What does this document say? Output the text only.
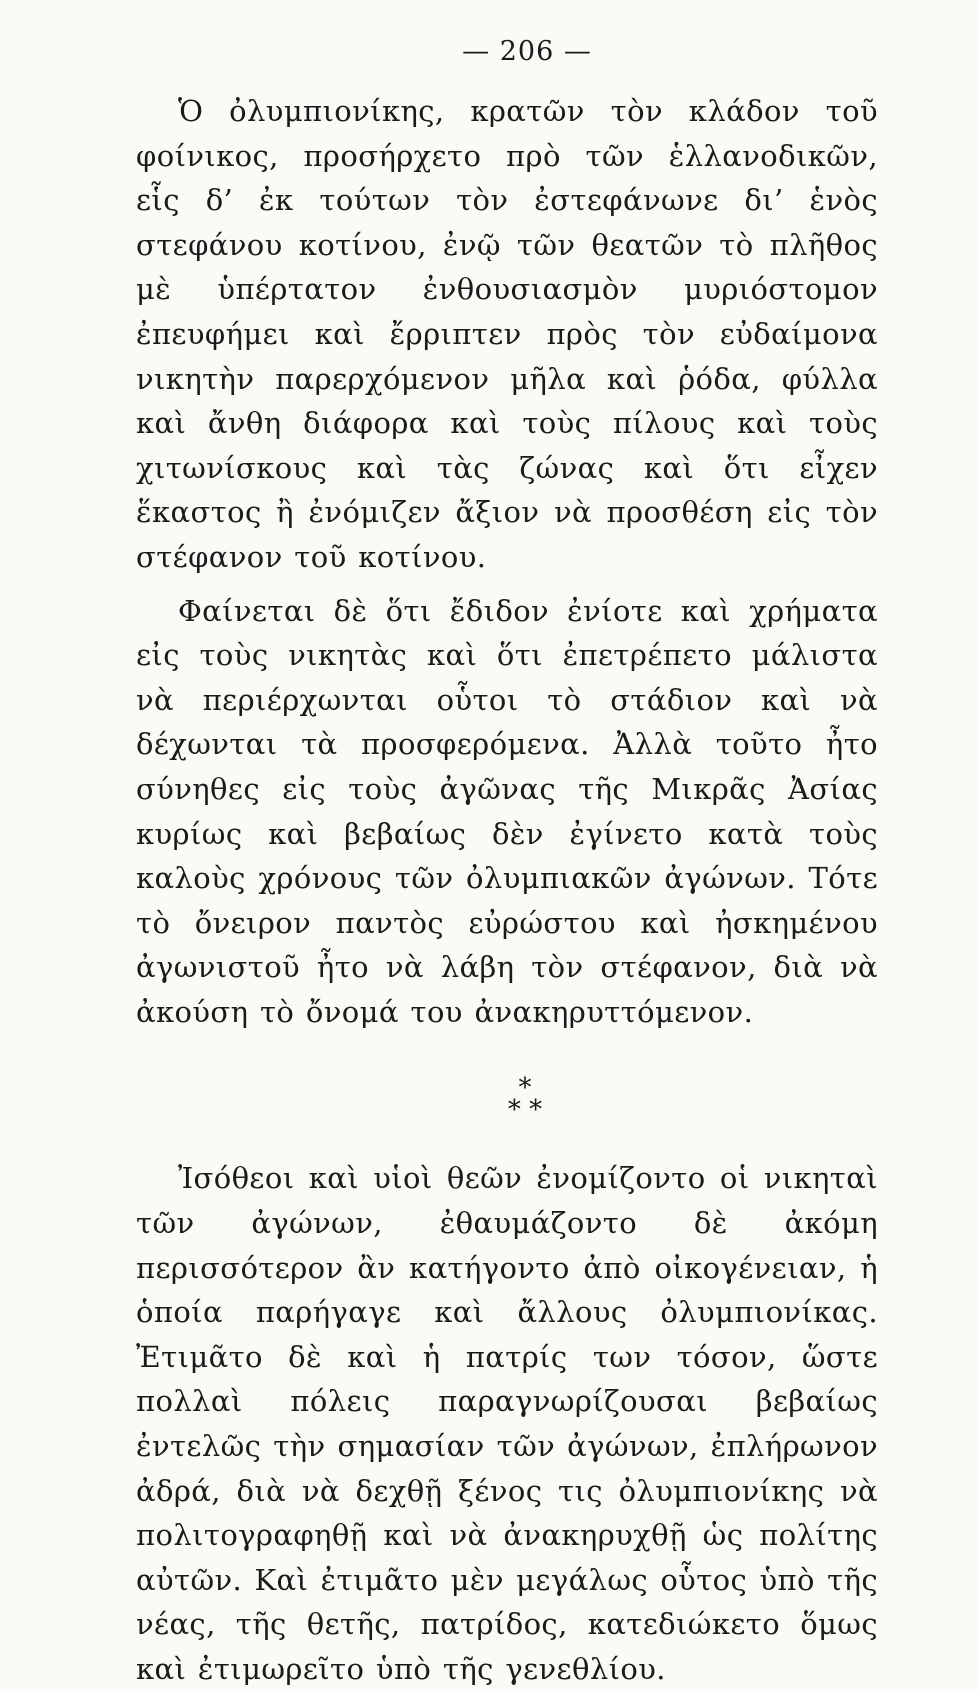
— 206 —

Ὁ ὀλυμπιονίκης, κρατῶν τὸν κλάδον τοῦ φοίνικος, προσήρχετο πρὸ τῶν ἑλλανοδικῶν, εἷς δ’ ἐκ τούτων τὸν ἐστεφάνωνε δι’ ἑνὸς στεφάνου κοτίνου, ἐνῷ τῶν θεατῶν τὸ πλῆθος μὲ ὑπέρτατον ἐνθουσιασμὸν μυριόστομον ἐπευφήμει καὶ ἔρριπτεν πρὸς τὸν εὐδαίμονα νικητὴν παρερχόμενον μῆλα καὶ ῥόδα, φύλλα καὶ ἄνθη διάφορα καὶ τοὺς πίλους καὶ τοὺς χιτωνίσκους καὶ τὰς ζώνας καὶ ὅτι εἶχεν ἕκαστος ἢ ἐνόμιζεν ἄξιον νὰ προσθέση εἰς τὸν στέφανον τοῦ κοτίνου.

Φαίνεται δὲ ὅτι ἔδιδον ἐνίοτε καὶ χρήματα εἰς τοὺς νικητὰς καὶ ὅτι ἐπετρέπετο μάλιστα νὰ περιέρχωνται οὗτοι τὸ στάδιον καὶ νὰ δέχωνται τὰ προσφερόμενα. Ἀλλὰ τοῦτο ἦτο σύνηθες εἰς τοὺς ἀγῶνας τῆς Μικρᾶς Ἀσίας κυρίως καὶ βεβαίως δὲν ἐγίνετο κατὰ τοὺς καλοὺς χρόνους τῶν ὀλυμπιακῶν ἀγώνων. Τότε τὸ ὄνειρον παντὸς εὐρώστου καὶ ἠσκημένου ἀγωνιστοῦ ἦτο νὰ λάβη τὸν στέφανον, διὰ νὰ ἀκούση τὸ ὄνομά του ἀνακηρυττόμενον.

*
* *

Ἰσόθεοι καὶ υἱοὶ θεῶν ἐνομίζοντο οἱ νικηταὶ τῶν ἀγώνων, ἐθαυμάζοντο δὲ ἀκόμη περισσότερον ἂν κατήγοντο ἀπὸ οἰκογένειαν, ἡ ὁποία παρήγαγε καὶ ἄλλους ὀλυμπιονίκας. Ἐτιμᾶτο δὲ καὶ ἡ πατρίς των τόσον, ὥστε πολλαὶ πόλεις παραγνωρίζουσαι βεβαίως ἐντελῶς τὴν σημασίαν τῶν ἀγώνων, ἐπλήρωνον ἀδρά, διὰ νὰ δεχθῇ ξένος τις ὀλυμπιονίκης νὰ πολιτογραφηθῇ καὶ νὰ ἀνακηρυχθῇ ὡς πολίτης αὐτῶν. Καὶ ἐτιμᾶτο μὲν μεγάλως οὗτος ὑπὸ τῆς νέας, τῆς θετῆς, πατρίδος, κατεδιώκετο ὅμως καὶ ἐτιμωρεῖτο ὑπὸ τῆς γενεθλίου.
